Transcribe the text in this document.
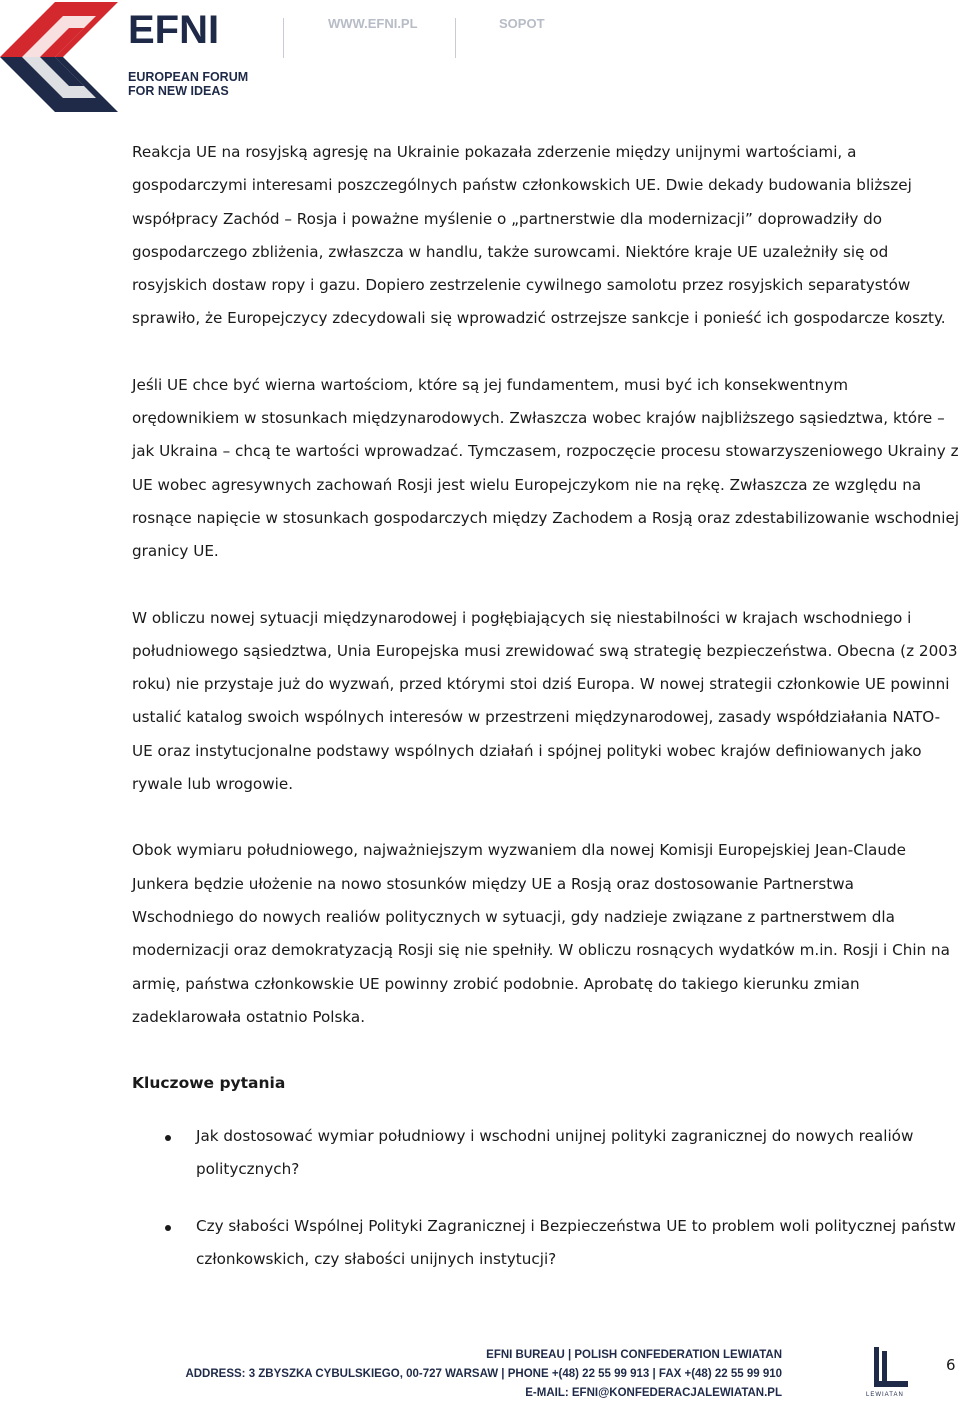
EFNI
EUROPEAN FORUM
FOR NEW IDEAS
WWW.EFNI.PL	SOPOT

Reakcja UE na rosyjską agresję na Ukrainie pokazała zderzenie między unijnymi wartościami, a gospodarczymi interesami poszczególnych państw członkowskich UE. Dwie dekady budowania bliższej współpracy Zachód – Rosja i poważne myślenie o „partnerstwie dla modernizacji” doprowadziły do gospodarczego zbliżenia, zwłaszcza w handlu, także surowcami. Niektóre kraje UE uzależniły się od rosyjskich dostaw ropy i gazu. Dopiero zestrzelenie cywilnego samolotu przez rosyjskich separatystów sprawiło, że Europejczycy zdecydowali się wprowadzić ostrzejsze sankcje i ponieść ich gospodarcze koszty.

Jeśli UE chce być wierna wartościom, które są jej fundamentem, musi być ich konsekwentnym orędownikiem w stosunkach międzynarodowych. Zwłaszcza wobec krajów najbliższego sąsiedztwa, które – jak Ukraina – chcą te wartości wprowadzać. Tymczasem, rozpoczęcie procesu stowarzyszeniowego Ukrainy z UE wobec agresywnych zachowań Rosji jest wielu Europejczykom nie na rękę. Zwłaszcza ze względu na rosnące napięcie w stosunkach gospodarczych między Zachodem a Rosją oraz zdestabilizowanie wschodniej granicy UE.

W obliczu nowej sytuacji międzynarodowej i pogłębiających się niestabilności w krajach wschodniego i południowego sąsiedztwa, Unia Europejska musi zrewidować swą strategię bezpieczeństwa. Obecna (z 2003 roku) nie przystaje już do wyzwań, przed którymi stoi dziś Europa. W nowej strategii członkowie UE powinni ustalić katalog swoich wspólnych interesów w przestrzeni międzynarodowej, zasady współdziałania NATO-UE oraz instytucjonalne podstawy wspólnych działań i spójnej polityki wobec krajów definiowanych jako rywale lub wrogowie.

Obok wymiaru południowego, najważniejszym wyzwaniem dla nowej Komisji Europejskiej Jean-Claude Junkera będzie ułożenie na nowo stosunków między UE a Rosją oraz dostosowanie Partnerstwa Wschodniego do nowych realiów politycznych w sytuacji, gdy nadzieje związane z partnerstwem dla modernizacji oraz demokratyzacją Rosji się nie spełniły. W obliczu rosnących wydatków m.in. Rosji i Chin na armię, państwa członkowskie UE powinny zrobić podobnie. Aprobatę do takiego kierunku zmian zadeklarowała ostatnio Polska.

Kluczowe pytania
Jak dostosować wymiar południowy i wschodni unijnej polityki zagranicznej do nowych realiów politycznych?
Czy słabości Wspólnej Polityki Zagranicznej i Bezpieczeństwa UE to problem woli politycznej państw członkowskich, czy słabości unijnych instytucji?
6
EFNI BUREAU | POLISH CONFEDERATION LEWIATAN
ADDRESS: 3 ZBYSZKA CYBULSKIEGO, 00-727 WARSAW | PHONE +(48) 22 55 99 913 | FAX +(48) 22 55 99 910
E-MAIL: EFNI@KONFEDERACJALEWIATAN.PL	LEWIATAN
